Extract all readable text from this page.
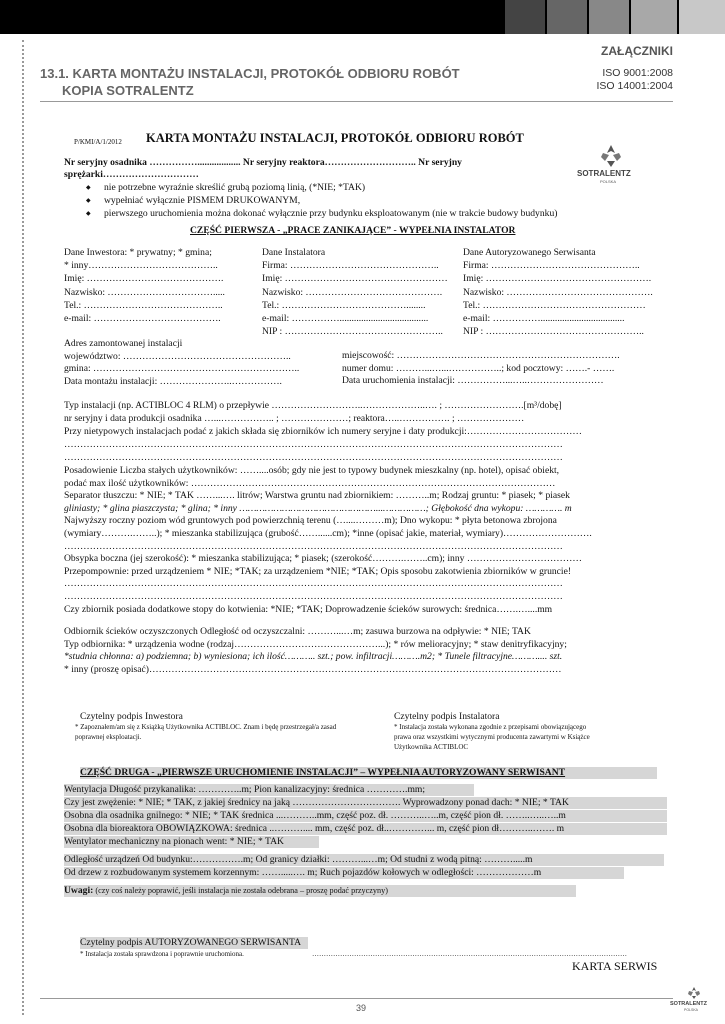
13.1. KARTA MONTAŻU INSTALACJI, PROTOKÓŁ ODBIORU ROBÓT
KOPIA SOTRALENTZ
ZAŁĄCZNIKI
ISO 9001:2008
ISO 14001:2004
P/KMI/A/1/2012 KARTA MONTAŻU INSTALACJI, PROTOKÓŁ ODBIORU ROBÓT
SOTRALENTZ
POLSKA
Nr seryjny osadnika …………….................. Nr seryjny reaktora……………………….. Nr seryjny
sprężarki…………………………
◆ nie potrzebne wyraźnie skreślić grubą poziomą linią, (*NIE; *TAK)
◆ wypełniać wyłącznie PISMEM DRUKOWANYM,
◆ pierwszego uruchomienia można dokonać wyłącznie przy budynku eksploatowanym (nie w trakcie budowy budynku)
CZĘŚĆ PIERWSZA - „PRACE ZANIKAJĄCE” - WYPEŁNIA INSTALATOR
Dane Inwestora: * prywatny; * gmina;
* inny…………………………………..
Imię: …………………………………….
Nazwisko: …………………………….....
Tel.: ……………………………………..
e-mail: ………………………………….
Dane Instalatora
Firma: ………………………………………..
Imię: ……………………………………………
Nazwisko: …………………………………….
Tel.: …………………………………........
e-mail: …………….....................................
NIP : …………………………………………..
Dane Autoryzowanego Serwisanta
Firma: ………………………………………..
Imię: …………………………………………….
Nazwisko: ……………………………………….
Tel.: ……………………………………………
e-mail: ……………...................................
NIP : …………………………………………..
Adres zamontowanej instalacji
województwo: ……………………………………………..
gmina: ………………………………………………………..
Data montażu instalacji: …………………..…………….
miejscowość: …………………………………………………………….
numer domu: ………...…...……………..; kod pocztowy: …….- …….
Data uruchomienia instalacji: ……………...…..……………………
Typ instalacji (np. ACTIBLOC 4 RLM) o przepływie ………………………..………………..…. ; …………………….[m³/dobę]
nr seryjny i data produkcji osadnika …...…………….. ; …………………; reaktora…..……………. ; …………………
Przy nietypowych instalacjach podać z jakich składa się zbiorników ich numery seryjne i daty produkcji:………………………………
…………………………………………………………………………………………………………………………………………
…………………………………………………………………………………………………………………………………………
Posadowienie Liczba stałych użytkowników: ……....osób; gdy nie jest to typowy budynek mieszkalny (np. hotel), opisać obiekt,
podać max ilość użytkowników: ……………………………………………………………………………………………………
Separator tłuszczu: * NIE; * TAK ……...…. litrów; Warstwa gruntu nad zbiornikiem: ………..m; Rodzaj gruntu: * piasek; * piasek
gliniasty; * glina piaszczysta; * glina; * inny …………………………………………...……………; Głębokość dna wykopu: …………. m
Najwyższy roczny poziom wód gruntowych pod powierzchnią terenu (…....………m); Dno wykopu: * płyta betonowa zbrojona
(wymiary……….……..); * mieszanka stabilizująca (grubość……......cm); *inne (opisać jakie, materiał, wymiary)……………………….
…………………………………………………………………………………………………………………………………………
Obsypka boczna (jej szerokość): * mieszanka stabilizująca; * piasek; (szerokość……….……..cm); inny ………………………………
Przepompownie: przed urządzeniem * NIE; *TAK; za urządzeniem *NIE; *TAK; Opis sposobu zakotwienia zbiorników w gruncie!
…………………………………………………………………………………………………………………………………………
…………………………………………………………………………………………………………………………………………
Czy zbiornik posiada dodatkowe stopy do kotwienia: *NIE; *TAK; Doprowadzenie ścieków surowych: średnica…….…....mm
Odbiornik ścieków oczyszczonych Odległość od oczyszczalni: ………...…m; zasuwa burzowa na odpływie: * NIE; TAK
Typ odbiornika: * urządzenia wodne (rodzaj………………………………………...); * rów melioracyjny; * staw denitryfikacyjny;
*studnia chłonna: a) podziemna; b) wyniesiona; ich ilość……….. szt.; pow. infiltracji……….m2; * Tunele filtracyjne……….... szt.
* inny (proszę opisać)…………………………………………………………………………………………………………………
Czytelny podpis Inwestora
* Zapoznałem/am się z Książką Użytkownika ACTIBLOC. Znam i będę przestrzegał/a zasad
poprawnej eksploatacji.
Czytelny podpis Instalatora
* Instalacja została wykonana zgodnie z przepisami obowiązującego
prawa oraz wszystkimi wytycznymi producenta zawartymi w Książce
Użytkownika ACTIBLOC
CZĘŚĆ DRUGA - „PIERWSZE URUCHOMIENIE INSTALACJI” – WYPEŁNIA AUTORYZOWANY SERWISANT
Wentylacja Długość przykanalika: …………..m; Pion kanalizacyjny: średnica ………….mm;
Czy jest zwężenie: * NIE; * TAK, z jakiej średnicy na jaką ……………………………. Wyprowadzony ponad dach: * NIE; * TAK
Osobna dla osadnika gnilnego: * NIE; * TAK średnica ...………..mm, część poz. dł. ………..…..m, część pion dł. ……..…..…..m
Osobna dla bioreaktora OBOWIĄZKOWA: średnica ..……….... mm, część poz. dł..…………... m, część pion dł………..……. m
Wentylator mechaniczny na pionach went: * NIE; * TAK
Odległość urządzeń Od budynku:…………….m; Od granicy działki: ………...…m; Od studni z wodą pitną: ……….....m
Od drzew z rozbudowanym systemem korzennym: …….....…. m; Ruch pojazdów kołowych w odległości: ………………m
Uwagi: (czy coś należy poprawić, jeśli instalacja nie została odebrana – proszę podać przyczyny)
Czytelny podpis AUTORYZOWANEGO SERWISANTA
* Instalacja została sprawdzona i poprawnie uruchomiona.	………………………………………………………………………………………………………………………
KARTA SERWIS
39	SOTRALENTZ
POLSKA
